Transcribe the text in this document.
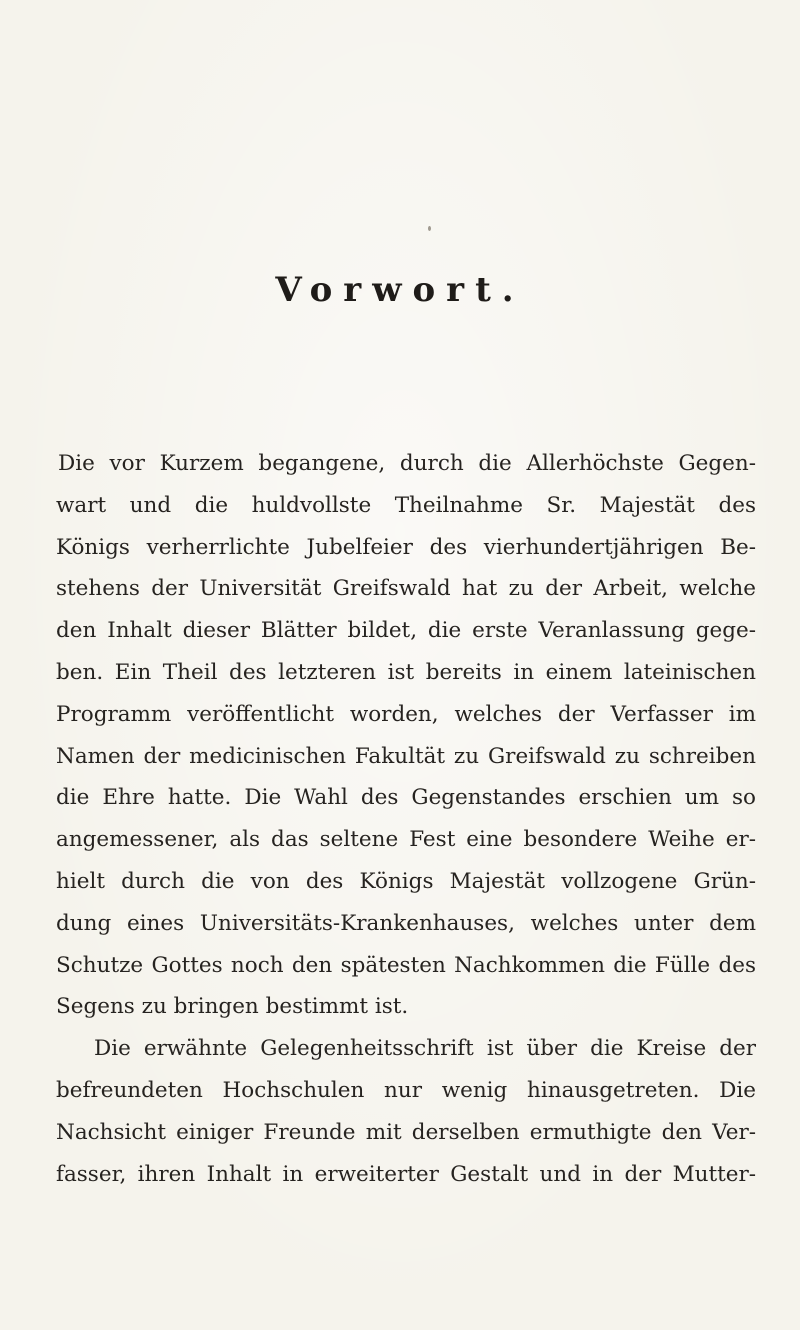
Vorwort.
Die vor Kurzem begangene, durch die Allerhöchste Gegen-
wart und die huldvollste Theilnahme Sr. Majestät des
Königs verherrlichte Jubelfeier des vierhundertjährigen Be-
stehens der Universität Greifswald hat zu der Arbeit, welche
den Inhalt dieser Blätter bildet, die erste Veranlassung gege-
ben. Ein Theil des letzteren ist bereits in einem lateinischen
Programm veröffentlicht worden, welches der Verfasser im
Namen der medicinischen Fakultät zu Greifswald zu schreiben
die Ehre hatte. Die Wahl des Gegenstandes erschien um so
angemessener, als das seltene Fest eine besondere Weihe er-
hielt durch die von des Königs Majestät vollzogene Grün-
dung eines Universitäts-Krankenhauses, welches unter dem
Schutze Gottes noch den spätesten Nachkommen die Fülle des
Segens zu bringen bestimmt ist.
Die erwähnte Gelegenheitsschrift ist über die Kreise der
befreundeten Hochschulen nur wenig hinausgetreten. Die
Nachsicht einiger Freunde mit derselben ermuthigte den Ver-
fasser, ihren Inhalt in erweiterter Gestalt und in der Mutter-
